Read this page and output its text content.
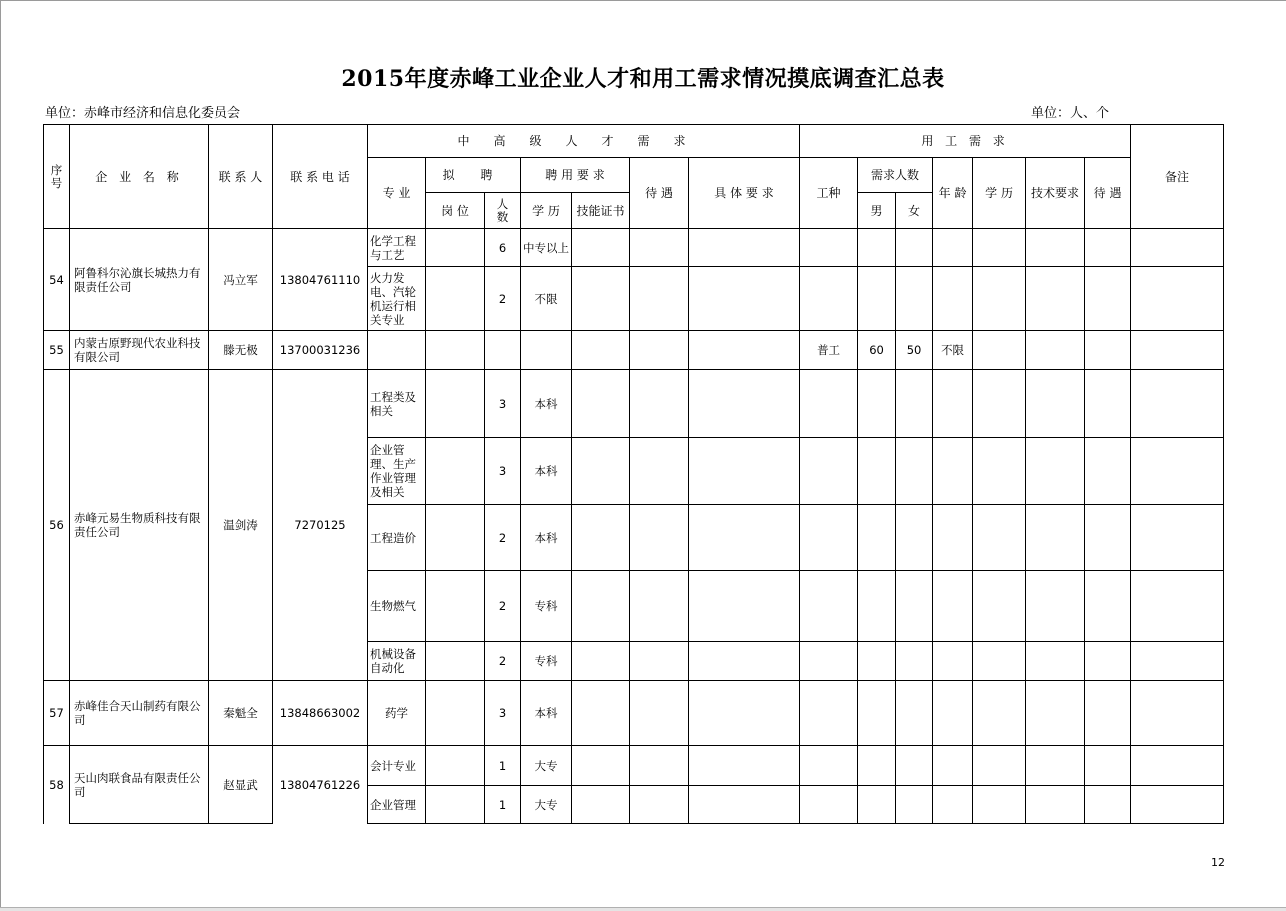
2015年度赤峰工业企业人才和用工需求情况摸底调查汇总表
单位：赤峰市经济和信息化委员会	单位：人、个
序号	企 业 名 称	联 系 人	联 系 电 话	中高级人才需求							用 工 需 求							备注
				专 业	拟 聘		聘 用 要 求		待 遇	具 体 要 求	工种	需求人数		年 龄	学 历	技术要求	待 遇	
					岗 位	人数	学 历	技能证书				男	女					
54	阿鲁科尔沁旗长城热力有限责任公司	冯立军	13804761110	化学工程与工艺		6	中专以上											
				火力发电、汽轮机运行相关专业		2	不限											
55	内蒙古原野现代农业科技有限公司	滕无极	13700031236								普工	60	50	不限				
56	赤峰元易生物质科技有限责任公司	温剑涛	7270125	工程类及相关		3	本科											
				企业管理、生产作业管理及相关		3	本科											
				工程造价		2	本科											
				生物燃气		2	专科											
				机械设备自动化		2	专科											
57	赤峰佳合天山制药有限公司	秦魁全	13848663002	药学		3	本科											
58	天山肉联食品有限责任公司	赵显武	13804761226	会计专业		1	大专											
				企业管理		1	大专											
12
